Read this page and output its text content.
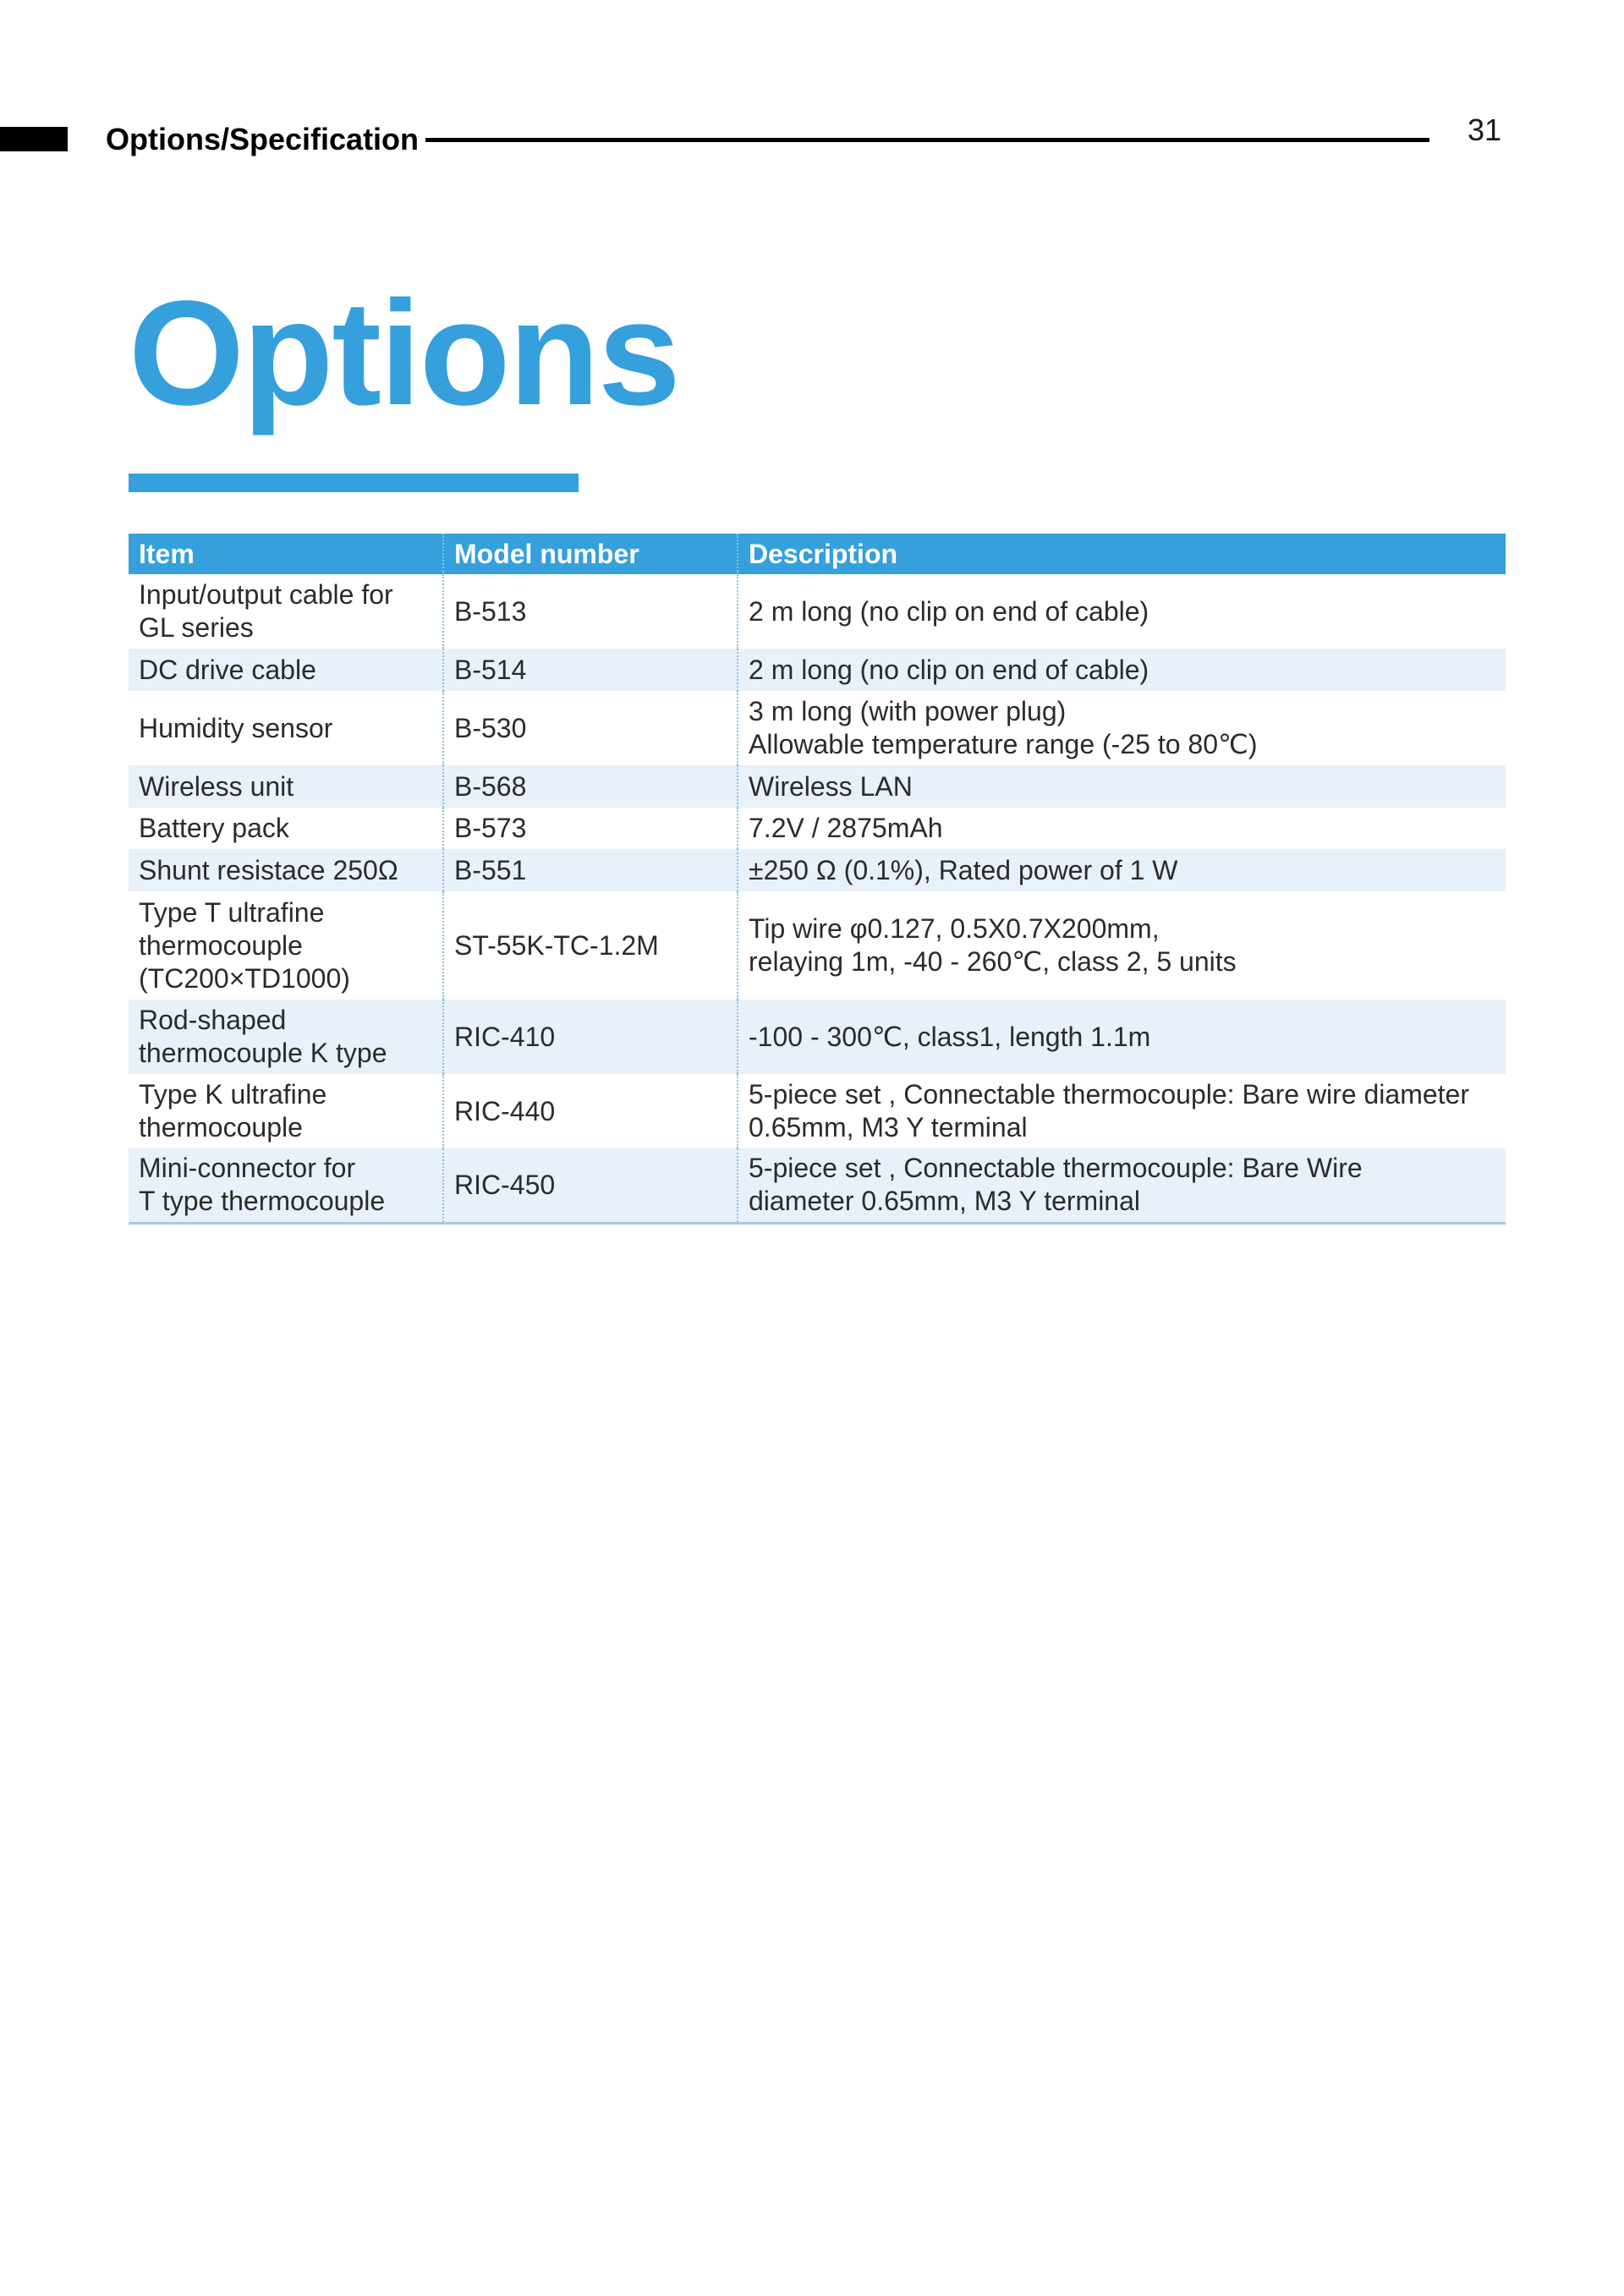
Options/Specification	31
Options
Item	Model number	Description

Input/output cable for
GL series	B-513	2 m long (no clip on end of cable)

DC drive cable	B-514	2 m long (no clip on end of cable)

Humidity sensor	B-530	3 m long (with power plug)
Allowable temperature range (-25 to 80℃)

Wireless unit	B-568	Wireless LAN

Battery pack	B-573	7.2V / 2875mAh

Shunt resistace 250Ω	B-551	±250 Ω (0.1%), Rated power of 1 W

Type T ultrafine
thermocouple
(TC200×TD1000)	ST-55K-TC-1.2M	Tip wire φ0.127, 0.5X0.7X200mm,
relaying 1m, -40 - 260℃, class 2, 5 units

Rod-shaped
thermocouple K type	RIC-410	-100 - 300℃, class1, length 1.1m

Type K ultrafine
thermocouple	RIC-440	5-piece set , Connectable thermocouple: Bare wire diameter
0.65mm, M3 Y terminal

Mini-connector for
T type thermocouple	RIC-450	5-piece set , Connectable thermocouple: Bare Wire
diameter 0.65mm, M3 Y terminal
